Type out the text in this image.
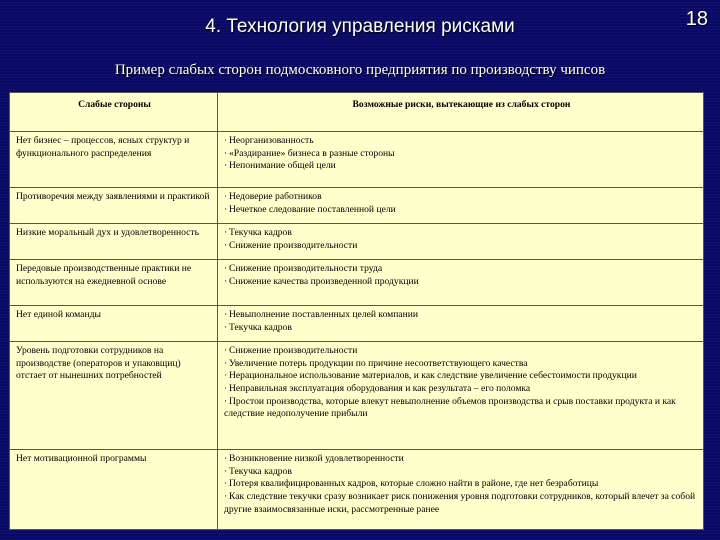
4. Технология управления рисками	18
Пример слабых сторон подмосковного предприятия по производству чипсов
Слабые стороны	Возможные риски, вытекающие из слабых сторон
Нет бизнес – процессов, ясных структур и функционального распределения	· Неорганизованность
· «Раздирание» бизнеса в разные стороны
· Непонимание общей цели

Противоречия между заявлениями и практикой	· Недоверие работников
· Нечеткое следование поставленной цели

Низкие моральный дух и удовлетворенность	· Текучка кадров
· Снижение производительности

Передовые производственные практики не используются на ежедневной основе	· Снижение производительности труда
· Снижение качества произведенной продукции

Нет единой команды	· Невыполнение поставленных целей компании
· Текучка кадров

Уровень подготовки сотрудников на производстве (операторов и упаковщиц) отстает от нынешних потребностей	· Снижение производительности
· Увеличение потерь продукции по причине несоответствующего качества
· Нерациональное использование материалов, и как следствие увеличение себестоимости продукции
· Неправильная эксплуатация оборудования и как результата – его поломка
· Простои производства, которые влекут невыполнение объемов производства и срыв поставки продукта и как следствие недополучение прибыли

Нет мотивационной программы	· Возникновение низкой удовлетворенности
· Текучка кадров
· Потеря квалифицированных кадров, которые сложно найти в районе, где нет безработицы
· Как следствие текучки сразу возникает риск понижения уровня подготовки сотрудников, который влечет за собой другие взаимосвязанные иски, рассмотренные ранее
